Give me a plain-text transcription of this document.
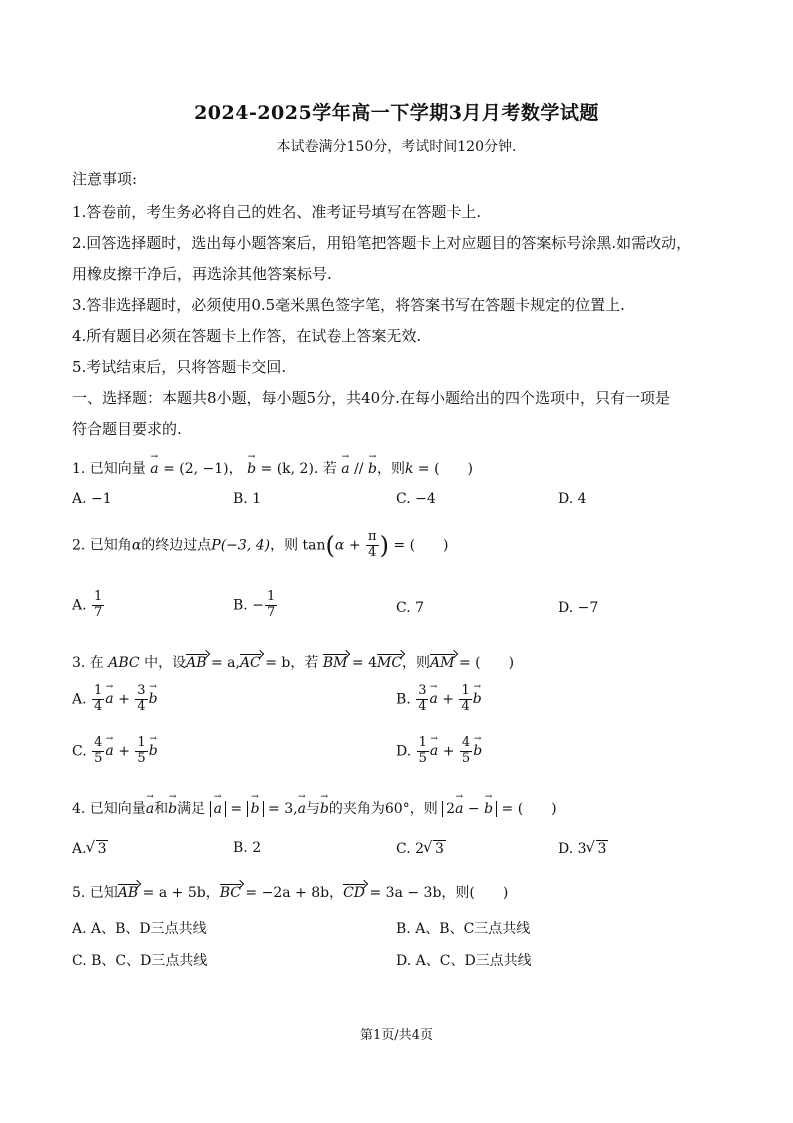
2024-2025学年高一下学期3月月考数学试题
本试卷满分150分，考试时间120分钟.
注意事项:
1.答卷前，考生务必将自己的姓名、准考证号填写在答题卡上.
2.回答选择题时，选出每小题答案后，用铅笔把答题卡上对应题目的答案标号涂黑.如需改动，
用橡皮擦干净后，再选涂其他答案标号.
3.答非选择题时，必须使用0.5毫米黑色签字笔，将答案书写在答题卡规定的位置上.
4.所有题目必须在答题卡上作答，在试卷上答案无效.
5.考试结束后，只将答题卡交回.
一、选择题：本题共8小题，每小题5分，共40分.在每小题给出的四个选项中，只有一项是
符合题目要求的.
1. 已知向量 → a = (2, −1)， → b = (k, 2). 若 → a // → b，则k = (　　)
A. −1	B. 1	C. −4	D. 4
2. 已知角α的终边过点P(−3, 4)，则 $\tan(\alpha + \frac{\pi}{4}$ ) = (　　)
A. $\frac{1}{7}$	B. − $\frac{1}{7}$	C. 7	D. −7
3. 在 ABC 中，设AB = a,AC = b，若 BM = 4MC，则AM = (　　)
A. $\frac{1}{4}$
→ $a + \frac{3}{4}$
→ b	B. $\frac{3}{4}$
→ $a + \frac{1}{4}$
→ b
C. $\frac{4}{5}$
→ $a + \frac{1}{5}$
→ b	D. $\frac{1}{5}$
→ $a + \frac{4}{5}$
→ b
4. 已知向量→ a和→ b满足 → a = → b = 3,→ a与→ b的夹角为60°，则 2→ a − → b = (　　)
A.√ 3	B. 2	C. 2√ 3	D. 3√ 3
5. 已知AB = a + 5b，BC = −2a + 8b，CD = 3a − 3b，则(　　)
A. A、B、D三点共线	B. A、B、C三点共线
C. B、C、D三点共线	D. A、C、D三点共线
第1页/共4页
